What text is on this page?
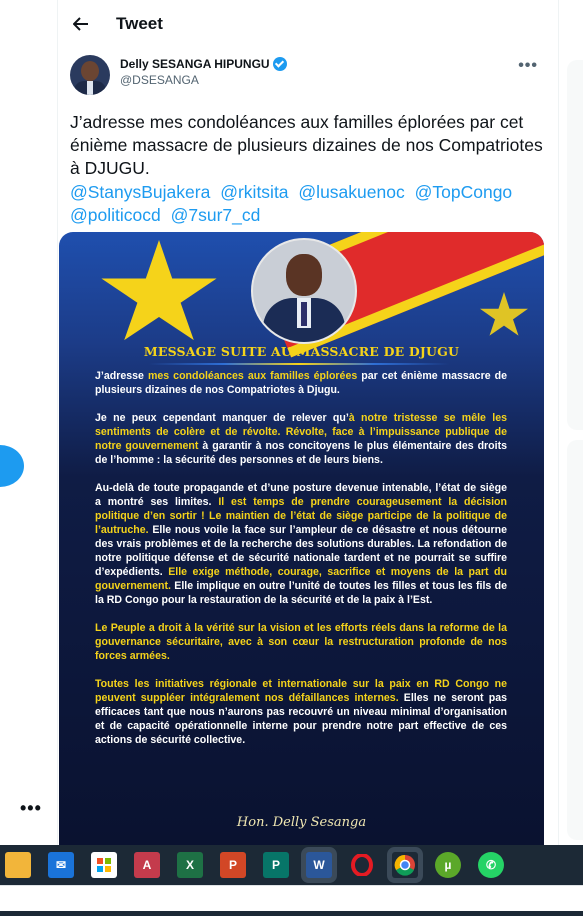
•••
Tweet
Delly SESANGA HIPUNGU
@DSESANGA
•••
J’adresse mes condoléances aux familles éplorées par cet énième massacre de plusieurs dizaines de nos Compatriotes à DJUGU.
@StanysBujakera @rkitsita @lusakuenoc @TopCongo @politicocd @7sur7_cd
MESSAGE SUITE AU MASSACRE DE DJUGU

J’adresse mes condoléances aux familles éplorées par cet énième massacre de plusieurs dizaines de nos Compatriotes à Djugu.

Je ne peux cependant manquer de relever qu’à notre tristesse se mêle les sentiments de colère et de révolte. Révolte, face à l’impuissance publique de notre gouvernement à garantir à nos concitoyens le plus élémentaire des droits de l’homme : la sécurité des personnes et de leurs biens.

Au-delà de toute propagande et d’une posture devenue intenable, l’état de siège a montré ses limites. Il est temps de prendre courageusement la décision politique d’en sortir ! Le maintien de l’état de siège participe de la politique de l’autruche. Elle nous voile la face sur l’ampleur de ce désastre et nous détourne des vrais problèmes et de la recherche des solutions durables. La refondation de notre politique défense et de sécurité nationale tardent et ne pourrait se suffire d’expédients. Elle exige méthode, courage, sacrifice et moyens de la part du gouvernement. Elle implique en outre l’unité de toutes les filles et tous les fils de la RD Congo pour la restauration de la sécurité et de la paix à l’Est.

Le Peuple a droit à la vérité sur la vision et les efforts réels dans la reforme de la gouvernance sécuritaire, avec à son cœur la restructuration profonde de nos forces armées.

Toutes les initiatives régionale et internationale sur la paix en RD Congo ne peuvent suppléer intégralement nos défaillances internes. Elles ne seront pas efficaces tant que nous n’aurons pas recouvré un niveau minimal d’organisation et de capacité opérationnelle interne pour prendre notre part effective de ces actions de sécurité collective.

Hon. Delly Sesanga
✉	A	X	P	P	W	µ	✆
